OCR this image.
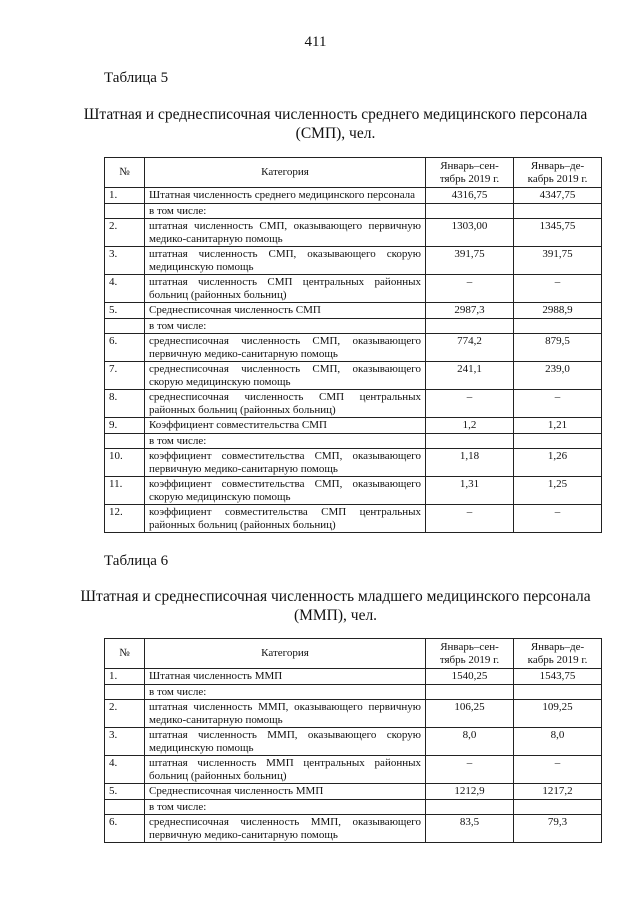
411
Таблица 5
Штатная и среднесписочная численность среднего медицинского персонала
(СМП), чел.
№	Категория	Январь–сен-тябрь 2019 г.	Январь–де-кабрь 2019 г.
1.	Штатная численность среднего медицинского персонала	4316,75	4347,75
	в том числе:		
2.	штатная численность СМП, оказывающего первичную медико-санитарную помощь	1303,00	1345,75
3.	штатная численность СМП, оказывающего скорую медицинскую помощь	391,75	391,75
4.	штатная численность СМП центральных районных больниц (районных больниц)	–	–
5.	Среднесписочная численность СМП	2987,3	2988,9
	в том числе:		
6.	среднесписочная численность СМП, оказывающего первичную медико-санитарную помощь	774,2	879,5
7.	среднесписочная численность СМП, оказывающего скорую медицинскую помощь	241,1	239,0
8.	среднесписочная численность СМП центральных районных больниц (районных больниц)	–	–
9.	Коэффициент совместительства СМП	1,2	1,21
	в том числе:		
10.	коэффициент совместительства СМП, оказывающего первичную медико-санитарную помощь	1,18	1,26
11.	коэффициент совместительства СМП, оказывающего скорую медицинскую помощь	1,31	1,25
12.	коэффициент совместительства СМП центральных районных больниц (районных больниц)	–	–
Таблица 6
Штатная и среднесписочная численность младшего медицинского персонала
(ММП), чел.
№	Категория	Январь–сен-тябрь 2019 г.	Январь–де-кабрь 2019 г.
1.	Штатная численность ММП	1540,25	1543,75
	в том числе:		
2.	штатная численность ММП, оказывающего первичную медико-санитарную помощь	106,25	109,25
3.	штатная численность ММП, оказывающего скорую медицинскую помощь	8,0	8,0
4.	штатная численность ММП центральных районных больниц (районных больниц)	–	–
5.	Среднесписочная численность ММП	1212,9	1217,2
	в том числе:		
6.	среднесписочная численность ММП, оказывающего первичную медико-санитарную помощь	83,5	79,3
